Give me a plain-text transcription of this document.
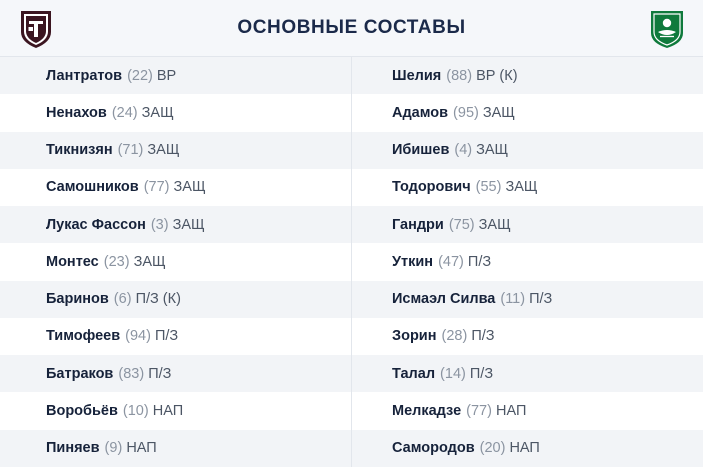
ОСНОВНЫЕ СОСТАВЫ
Лантратов (22) ВР
Ненахов (24) ЗАЩ
Тикнизян (71) ЗАЩ
Самошников (77) ЗАЩ
Лукас Фассон (3) ЗАЩ
Монтес (23) ЗАЩ
Баринов (6) П/З (К)
Тимофеев (94) П/З
Батраков (83) П/З
Воробьёв (10) НАП
Пиняев (9) НАП
Шелия (88) ВР (К)
Адамов (95) ЗАЩ
Ибишев (4) ЗАЩ
Тодорович (55) ЗАЩ
Гандри (75) ЗАЩ
Уткин (47) П/З
Исмаэл Силва (11) П/З
Зорин (28) П/З
Талал (14) П/З
Мелкадзе (77) НАП
Самородов (20) НАП
